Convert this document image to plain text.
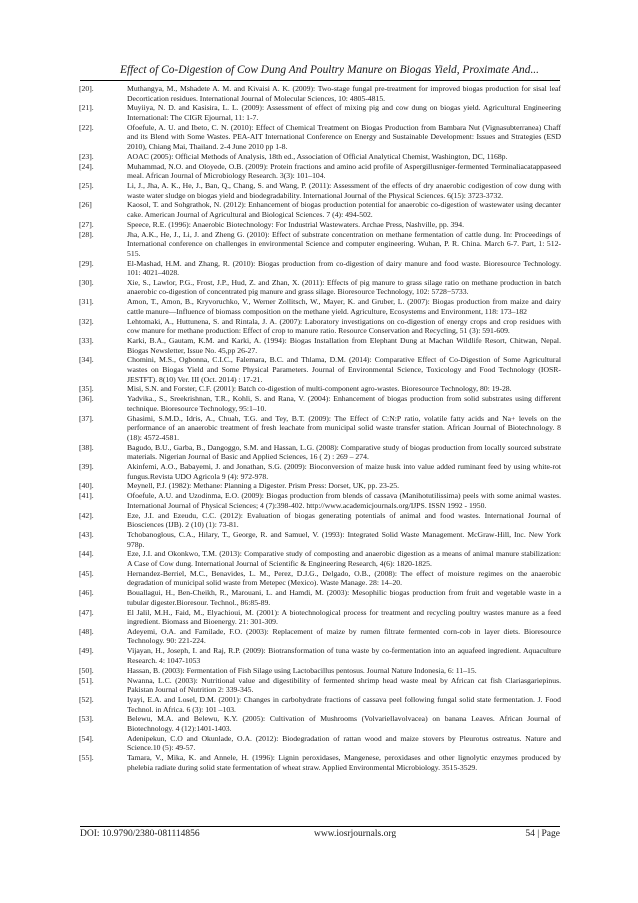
Effect of Co-Digestion of Cow Dung And Poultry Manure on Biogas Yield, Proximate And...
[20].	Muthangya, M., Mshadete A. M. and Kivaisi A. K. (2009): Two-stage fungal pre-treatment for improved biogas production for sisal leaf Decortication residues. International Journal of Molecular Sciences, 10: 4805-4815.
[21].	Muyiiya, N. D. and Kasisira, L. L. (2009): Assessment of effect of mixing pig and cow dung on biogas yield. Agricultural Engineering International: The CIGR Ejournal, 11: 1-7.
[22].	Ofoefule, A. U. and Ibeto, C. N. (2010): Effect of Chemical Treatment on Biogas Production from Bambara Nut (Vignasubterranea) Chaff and its Blend with Some Wastes. PEA-AIT International Conference on Energy and Sustainable Development: Issues and Strategies (ESD 2010), Chiang Mai, Thailand. 2-4 June 2010 pp 1-8.
[23].	AOAC (2005): Official Methods of Analysis, 18th ed., Association of Official Analytical Chemist, Washington, DC, 1168p.
[24].	Muhammad, N.O. and Oloyede, O.B. (2009): Protein fractions and amino acid profile of Aspergillusniger-fermented Terminaliacatappaseed meal. African Journal of Microbiology Research. 3(3): 101–104.
[25].	Li, J., Jha, A. K., He, J., Ban, Q., Chang, S. and Wang, P. (2011): Assessment of the effects of dry anaerobic codigestion of cow dung with waste water sludge on biogas yield and biodegradability. International Journal of the Physical Sciences. 6(15): 3723-3732.
[26]	Kaosol, T. and Sohgrathok, N. (2012): Enhancement of biogas production potential for anaerobic co-digestion of wastewater using decanter cake. American Journal of Agricultural and Biological Sciences. 7 (4): 494-502.
[27].	Speece, R.E. (1996): Anaerobic Biotechnology: For Industrial Wastewaters. Archae Press, Nashville, pp. 394.
[28].	Jha, A.K., He, J., Li, J. and Zheng G. (2010): Effect of substrate concentration on methane fermentation of cattle dung. In: Proceedings of International conference on challenges in environmental Science and computer engineering. Wuhan, P. R. China. March 6-7. Part, 1: 512-515.
[29].	El-Mashad, H.M. and Zhang, R. (2010): Biogas production from co-digestion of dairy manure and food waste. Bioresource Technology. 101: 4021–4028.
[30].	Xie, S., Lawlor, P.G., Frost, J.P., Hud, Z. and Zhan, X. (2011): Effects of pig manure to grass silage ratio on methane production in batch anaerobic co-digestion of concentrated pig manure and grass silage. Bioresource Technology, 102: 5728−5733.
[31].	Amon, T., Amon, B., Kryvoruchko, V., Werner Zollitsch, W., Mayer, K. and Gruber, L. (2007): Biogas production from maize and dairy cattle manure—Influence of biomass composition on the methane yield. Agriculture, Ecosystems and Environment, 118: 173–182
[32].	Lehtomaki, A., Huttunena, S. and Rintala, J. A. (2007): Laboratory investigations on co-digestion of energy crops and crop residues with cow manure for methane production: Effect of crop to manure ratio. Resource Conservation and Recycling, 51 (3): 591-609.
[33].	Karki, B.A., Gautam, K.M. and Karki, A. (1994): Biogas Installation from Elephant Dung at Machan Wildlife Resort, Chitwan, Nepal. Biogas Newsletter, Issue No. 45,pp 26-27.
[34].	Chomini, M.S., Ogbonna, C.I.C., Falemara, B.C. and Thlama, D.M. (2014): Comparative Effect of Co-Digestion of Some Agricultural wastes on Biogas Yield and Some Physical Parameters. Journal of Environmental Science, Toxicology and Food Technology (IOSR-JESTFT). 8(10) Ver. III (Oct. 2014) : 17-21.
[35].	Misi, S.N. and Forster, C.F. (2001): Batch co-digestion of multi-component agro-wastes. Bioresource Technology, 80: 19-28.
[36].	Yadvika., S., Sreekrishnan, T.R., Kohli, S. and Rana, V. (2004): Enhancement of biogas production from solid substrates using different technique. Bioresource Technology, 95:1–10.
[37].	Ghasimi, S.M.D., Idris, A., Chuah, T.G. and Tey, B.T. (2009): The Effect of C:N:P ratio, volatile fatty acids and Na+ levels on the performance of an anaerobic treatment of fresh leachate from municipal solid waste transfer station. African Journal of Biotechnology. 8 (18): 4572-4581.
[38].	Bagudo, B.U., Garba, B., Dangoggo, S.M. and Hassan, L.G. (2008): Comparative study of biogas production from locally sourced substrate materials. Nigerian Journal of Basic and Applied Sciences, 16 ( 2) : 269 – 274.
[39].	Akinfemi, A.O., Babayemi, J. and Jonathan, S.G. (2009): Bioconversion of maize husk into value added ruminant feed by using white-rot fungus.Revista UDO Agricola 9 (4): 972-978.
[40].	Meynell, P.J. (1982): Methane: Planning a Digester. Prism Press: Dorset, UK, pp. 23-25.
[41].	Ofoefule, A.U. and Uzodinma, E.O. (2009): Biogas production from blends of cassava (Manihotutilissima) peels with some animal wastes. International Journal of Physical Sciences; 4 (7):398-402. http://www.academicjournals.org/IJPS. ISSN 1992 - 1950.
[42].	Eze, J.I. and Ezeudu, C.C. (2012): Evaluation of biogas generating potentials of animal and food wastes. International Journal of Biosciences (IJB). 2 (10) (1): 73-81.
[43].	Tchobanoglous, C.A., Hilary, T., George, R. and Samuel, V. (1993): Integrated Solid Waste Management. McGraw-Hill, Inc. New York 978p.
[44].	Eze, J.I. and Okonkwo, T.M. (2013): Comparative study of composting and anaerobic digestion as a means of animal manure stabilization: A Case of Cow dung. International Journal of Scientific & Engineering Research, 4(6): 1820-1825.
[45].	Hernandez-Berriel, M.C., Benavides, L. M., Perez, D.J.G., Delgado, O.B., (2008): The effect of moisture regimes on the anaerobic degradation of municipal solid waste from Metepec (Mexico). Waste Manage. 28: 14–20.
[46].	Bouallagui, H., Ben-Cheikh, R., Marouani, L. and Hamdi, M. (2003): Mesophilic biogas production from fruit and vegetable waste in a tubular digester.Bioresour. Technol., 86:85-89.
[47].	El Jalil, M.H., Faid, M., Elyachioui, M. (2001): A biotechnological process for treatment and recycling poultry wastes manure as a feed ingredient. Biomass and Bioenergy. 21: 301-309.
[48].	Adeyemi, O.A. and Familade, F.O. (2003): Replacement of maize by rumen filtrate fermented corn-cob in layer diets. Bioresource Technology. 90: 221-224.
[49].	Vijayan, H., Joseph, I. and Raj, R.P. (2009): Biotransformation of tuna waste by co-fermentation into an aquafeed ingredient. Aquaculture Research. 4: 1047-1053
[50].	Hassan, B. (2003): Fermentation of Fish Silage using Lactobacillus pentosus. Journal Nature Indonesia, 6: 11–15.
[51].	Nwanna, L.C. (2003): Nutritional value and digestibility of fermented shrimp head waste meal by African cat fish Clariasgariepinus. Pakistan Journal of Nutrition 2: 339-345.
[52].	Iyayi, E.A. and Losel, D.M. (2001): Changes in carbohydrate fractions of cassava peel following fungal solid state fermentation. J. Food Technol. in Africa. 6 (3): 101 –103.
[53].	Belewu, M.A. and Belewu, K.Y. (2005): Cultivation of Mushrooms (Volvariellavolvacea) on banana Leaves. African Journal of Biotechnology. 4 (12):1401-1403.
[54].	Adenipekun, C.O and Okunlade, O.A. (2012): Biodegradation of rattan wood and maize stovers by Pleurotus ostreatus. Nature and Science.10 (5): 49-57.
[55].	Tamara, V., Mika, K. and Annele, H. (1996): Lignin peroxidases, Mangenese, peroxidases and other lignolytic enzymes produced by phelebia radiate during solid state fermentation of wheat straw. Applied Environmental Microbiology. 3515-3529.
DOI: 10.9790/2380-081114856	www.iosrjournals.org	54 | Page
